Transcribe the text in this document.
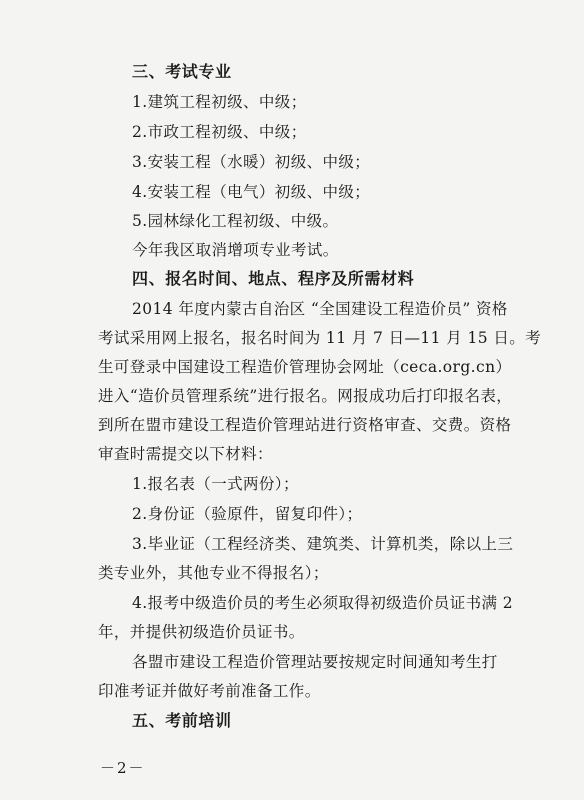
三、考试专业
1.建筑工程初级、中级；
2.市政工程初级、中级；
3.安装工程（水暖）初级、中级；
4.安装工程（电气）初级、中级；
5.园林绿化工程初级、中级。
今年我区取消增项专业考试。
四、报名时间、地点、程序及所需材料
2014 年度内蒙古自治区 “全国建设工程造价员” 资格
考试采用网上报名，报名时间为 11 月 7 日—11 月 15 日。考
生可登录中国建设工程造价管理协会网址（ceca.org.cn）
进入“造价员管理系统”进行报名。网报成功后打印报名表，
到所在盟市建设工程造价管理站进行资格审查、交费。资格
审查时需提交以下材料：
1.报名表（一式两份）；
2.身份证（验原件，留复印件）；
3.毕业证（工程经济类、建筑类、计算机类，除以上三
类专业外，其他专业不得报名）；
4.报考中级造价员的考生必须取得初级造价员证书满 2
年，并提供初级造价员证书。
各盟市建设工程造价管理站要按规定时间通知考生打
印准考证并做好考前准备工作。
五、考前培训
－2－
